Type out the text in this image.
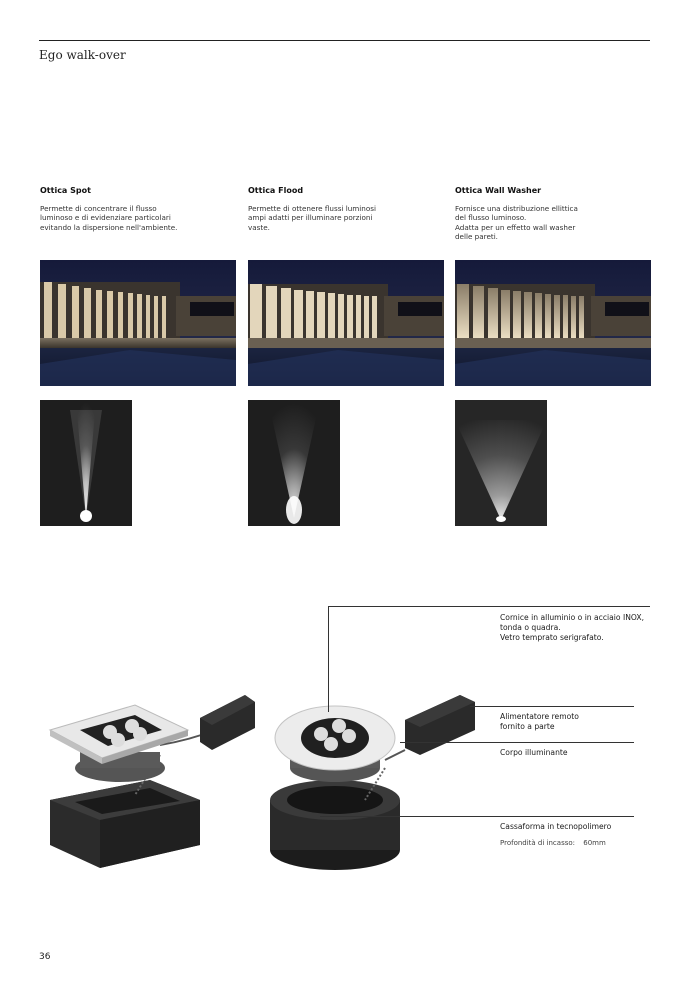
Ego walk-over
Ottica Spot
Permette di concentrare il flusso
luminoso e di evidenziare particolari
evitando la dispersione nell'ambiente.
Ottica Flood
Permette di ottenere flussi luminosi
ampi adatti per illuminare porzioni
vaste.
Ottica Wall Washer
Fornisce una distribuzione ellittica
del flusso luminoso.
Adatta per un effetto wall washer
delle pareti.
Cornice in alluminio o in acciaio INOX,
tonda o quadra.
Vetro temprato serigrafato.
Alimentatore remoto
fornito a parte
Corpo illuminante
Cassaforma in tecnopolimero
Profondità di incasso: 60mm
36
